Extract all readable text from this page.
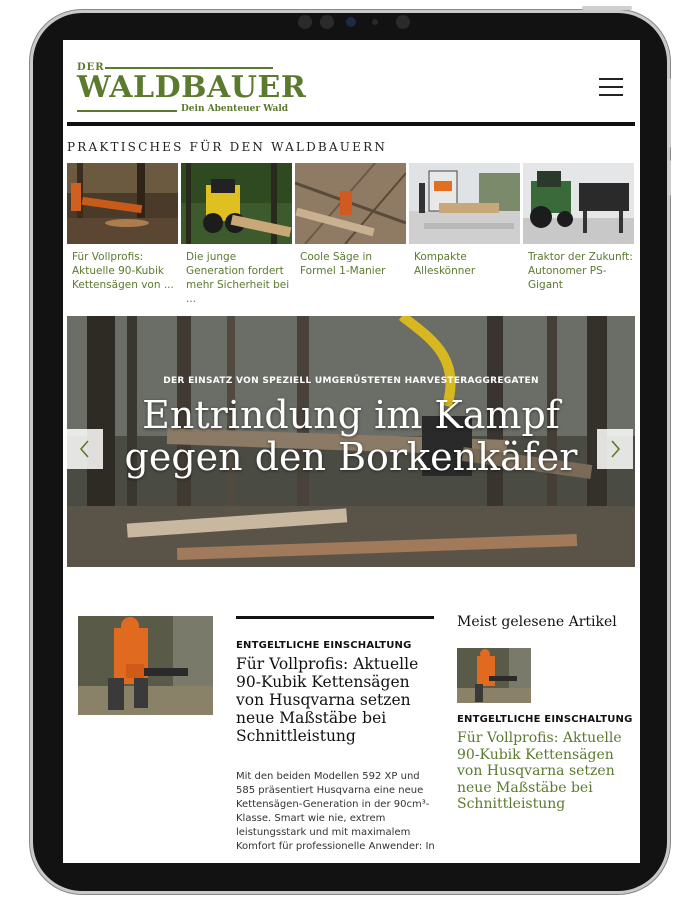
DER
WALDBAUER
Dein Abenteuer Wald
PRAKTISCHES FÜR DEN WALDBAUERN
Für Vollprofis: Aktuelle 90-Kubik Kettensägen von ...
Die junge Generation fordert mehr Sicherheit bei ...
Coole Säge in Formel 1-Manier
Kompakte Alleskönner
Traktor der Zukunft: Autonomer PS-Gigant
DER EINSATZ VON SPEZIELL UMGERÜSTETEN HARVESTERAGGREGATEN
Entrindung im Kampf
gegen den Borkenkäfer
ENTGELTLICHE EINSCHALTUNG
Für Vollprofis: Aktuelle 90-Kubik Kettensägen von Husqvarna setzen neue Maßstäbe bei Schnittleistung
Mit den beiden Modellen 592 XP und 585 präsentiert Husqvarna eine neue Kettensägen-Generation in der 90cm³-Klasse. Smart wie nie, extrem leistungsstark und mit maximalem Komfort für professionelle Anwender: In
Meist gelesene Artikel
ENTGELTLICHE EINSCHALTUNG
Für Vollprofis: Aktuelle 90-Kubik Kettensägen von Husqvarna setzen neue Maßstäbe bei Schnittleistung
